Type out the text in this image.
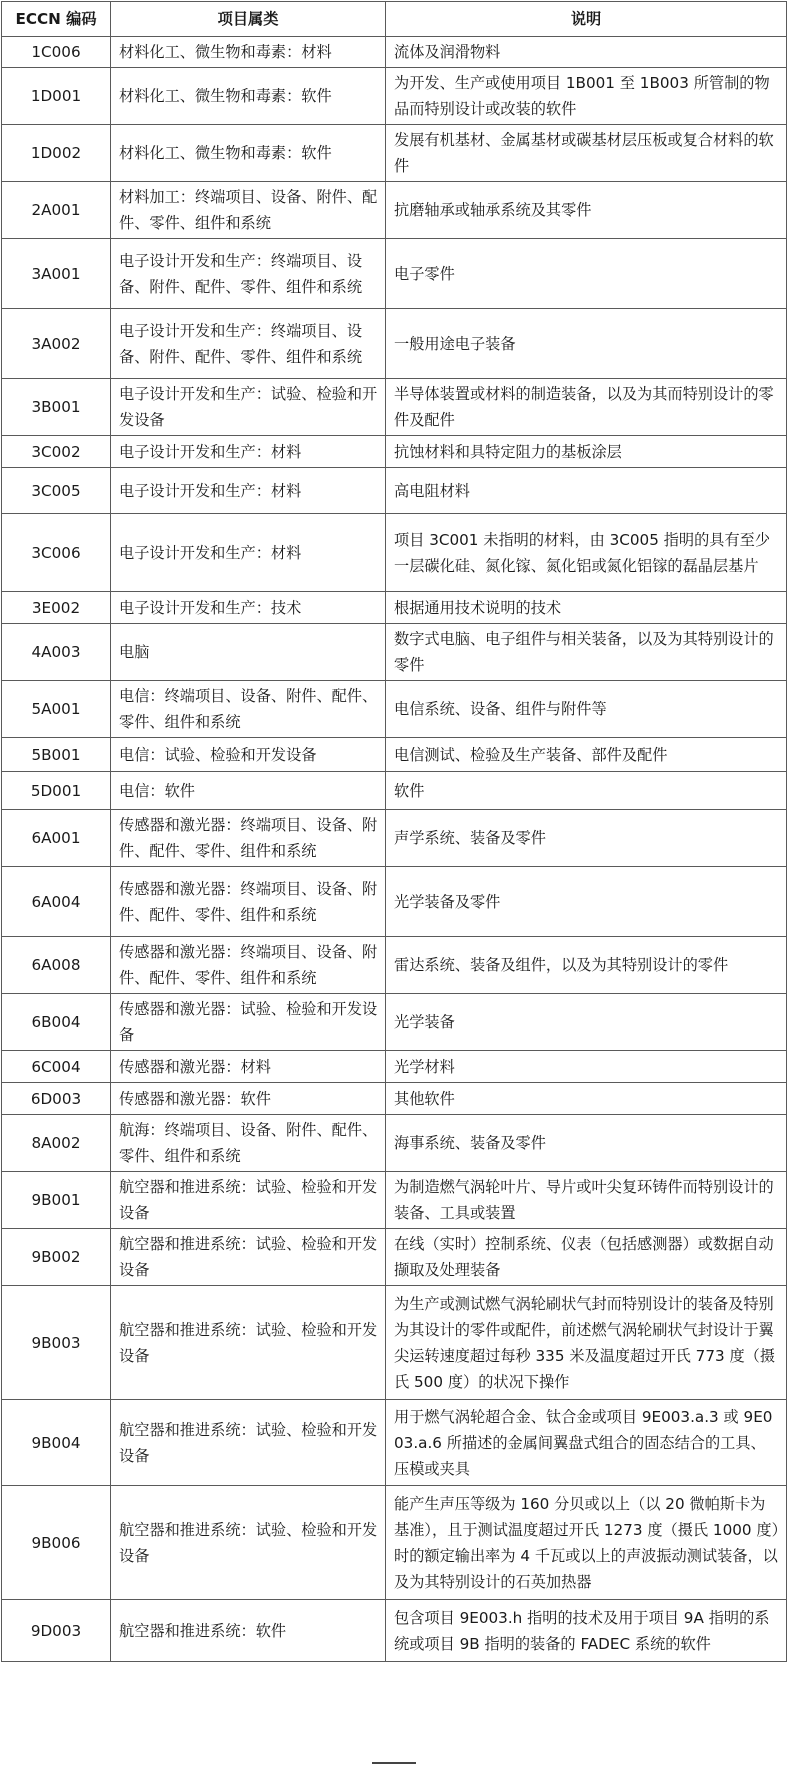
ECCN 编码	项目属类	说明
1C006	材料化工、微生物和毒素：材料	流体及润滑物料
1D001	材料化工、微生物和毒素：软件	为开发、生产或使用项目 1B001 至 1B003 所管制的物品而特别设计或改装的软件
1D002	材料化工、微生物和毒素：软件	发展有机基材、金属基材或碳基材层压板或复合材料的软件
2A001	材料加工：终端项目、设备、附件、配件、零件、组件和系统	抗磨轴承或轴承系统及其零件
3A001	电子设计开发和生产：终端项目、设备、附件、配件、零件、组件和系统	电子零件
3A002	电子设计开发和生产：终端项目、设备、附件、配件、零件、组件和系统	一般用途电子装备
3B001	电子设计开发和生产：试验、检验和开发设备	半导体装置或材料的制造装备，以及为其而特别设计的零件及配件
3C002	电子设计开发和生产：材料	抗蚀材料和具特定阻力的基板涂层
3C005	电子设计开发和生产：材料	高电阻材料
3C006	电子设计开发和生产：材料	项目 3C001 未指明的材料，由 3C005 指明的具有至少一层碳化硅、氮化镓、氮化铝或氮化铝镓的磊晶层基片
3E002	电子设计开发和生产：技术	根据通用技术说明的技术
4A003	电脑	数字式电脑、电子组件与相关装备，以及为其特别设计的零件
5A001	电信：终端项目、设备、附件、配件、零件、组件和系统	电信系统、设备、组件与附件等
5B001	电信：试验、检验和开发设备	电信测试、检验及生产装备、部件及配件
5D001	电信：软件	软件
6A001	传感器和激光器：终端项目、设备、附件、配件、零件、组件和系统	声学系统、装备及零件
6A004	传感器和激光器：终端项目、设备、附件、配件、零件、组件和系统	光学装备及零件
6A008	传感器和激光器：终端项目、设备、附件、配件、零件、组件和系统	雷达系统、装备及组件，以及为其特别设计的零件
6B004	传感器和激光器：试验、检验和开发设备	光学装备
6C004	传感器和激光器：材料	光学材料
6D003	传感器和激光器：软件	其他软件
8A002	航海：终端项目、设备、附件、配件、零件、组件和系统	海事系统、装备及零件
9B001	航空器和推进系统：试验、检验和开发设备	为制造燃气涡轮叶片、导片或叶尖复环铸件而特别设计的装备、工具或装置
9B002	航空器和推进系统：试验、检验和开发设备	在线（实时）控制系统、仪表（包括感测器）或数据自动撷取及处理装备
9B003	航空器和推进系统：试验、检验和开发设备	为生产或测试燃气涡轮刷状气封而特别设计的装备及特别为其设计的零件或配件，前述燃气涡轮刷状气封设计于翼尖运转速度超过每秒 335 米及温度超过开氏 773 度（摄氏 500 度）的状况下操作
9B004	航空器和推进系统：试验、检验和开发设备	用于燃气涡轮超合金、钛合金或项目 9E003.a.3 或 9E003.a.6 所描述的金属间翼盘式组合的固态结合的工具、压模或夹具
9B006	航空器和推进系统：试验、检验和开发设备	能产生声压等级为 160 分贝或以上（以 20 微帕斯卡为基准），且于测试温度超过开氏 1273 度（摄氏 1000 度）时的额定输出率为 4 千瓦或以上的声波振动测试装备，以及为其特别设计的石英加热器
9D003	航空器和推进系统：软件	包含项目 9E003.h 指明的技术及用于项目 9A 指明的系统或项目 9B 指明的装备的 FADEC 系统的软件
